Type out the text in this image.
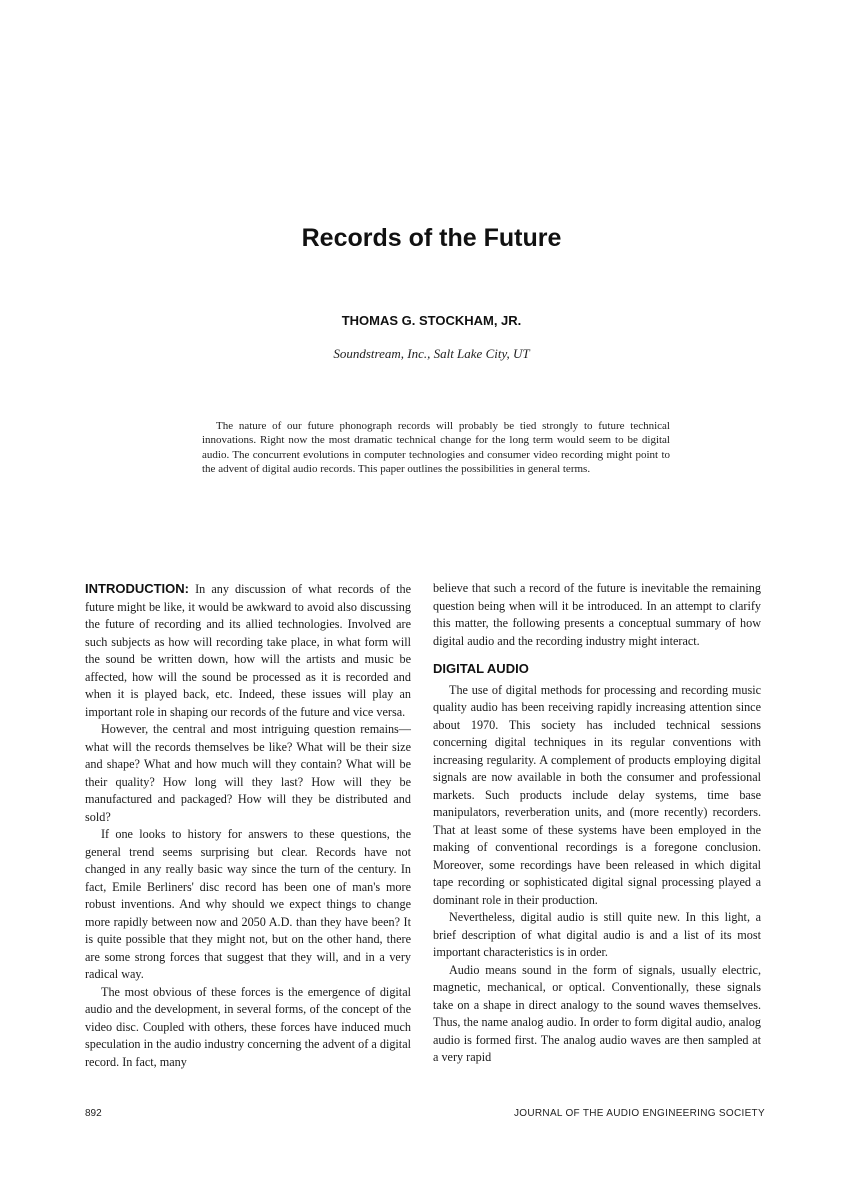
Records of the Future
THOMAS G. STOCKHAM, JR.
Soundstream, Inc., Salt Lake City, UT

The nature of our future phonograph records will probably be tied strongly to future technical innovations. Right now the most dramatic technical change for the long term would seem to be digital audio. The concurrent evolutions in computer technologies and consumer video recording might point to the advent of digital audio records. This paper outlines the possibilities in general terms.

INTRODUCTION: In any discussion of what records of the future might be like, it would be awkward to avoid also discussing the future of recording and its allied technologies. Involved are such subjects as how will recording take place, in what form will the sound be written down, how will the artists and music be affected, how will the sound be processed as it is recorded and when it is played back, etc. Indeed, these issues will play an important role in shaping our records of the future and vice versa.

However, the central and most intriguing question remains—what will the records themselves be like? What will be their size and shape? What and how much will they contain? What will be their quality? How long will they last? How will they be manufactured and packaged? How will they be distributed and sold?

If one looks to history for answers to these questions, the general trend seems surprising but clear. Records have not changed in any really basic way since the turn of the century. In fact, Emile Berliners' disc record has been one of man's more robust inventions. And why should we expect things to change more rapidly between now and 2050 A.D. than they have been? It is quite possible that they might not, but on the other hand, there are some strong forces that suggest that they will, and in a very radical way.

The most obvious of these forces is the emergence of digital audio and the development, in several forms, of the concept of the video disc. Coupled with others, these forces have induced much speculation in the audio industry concerning the advent of a digital record. In fact, many

believe that such a record of the future is inevitable the remaining question being when will it be introduced. In an attempt to clarify this matter, the following presents a conceptual summary of how digital audio and the recording industry might interact.

DIGITAL AUDIO

The use of digital methods for processing and recording music quality audio has been receiving rapidly increasing attention since about 1970. This society has included technical sessions concerning digital techniques in its regular conventions with increasing regularity. A complement of products employing digital signals are now available in both the consumer and professional markets. Such products include delay systems, time base manipulators, reverberation units, and (more recently) recorders. That at least some of these systems have been employed in the making of conventional recordings is a foregone conclusion. Moreover, some recordings have been released in which digital tape recording or sophisticated digital signal processing played a dominant role in their production.

Nevertheless, digital audio is still quite new. In this light, a brief description of what digital audio is and a list of its most important characteristics is in order.

Audio means sound in the form of signals, usually electric, magnetic, mechanical, or optical. Conventionally, these signals take on a shape in direct analogy to the sound waves themselves. Thus, the name analog audio. In order to form digital audio, analog audio is formed first. The analog audio waves are then sampled at a very rapid

892	JOURNAL OF THE AUDIO ENGINEERING SOCIETY
